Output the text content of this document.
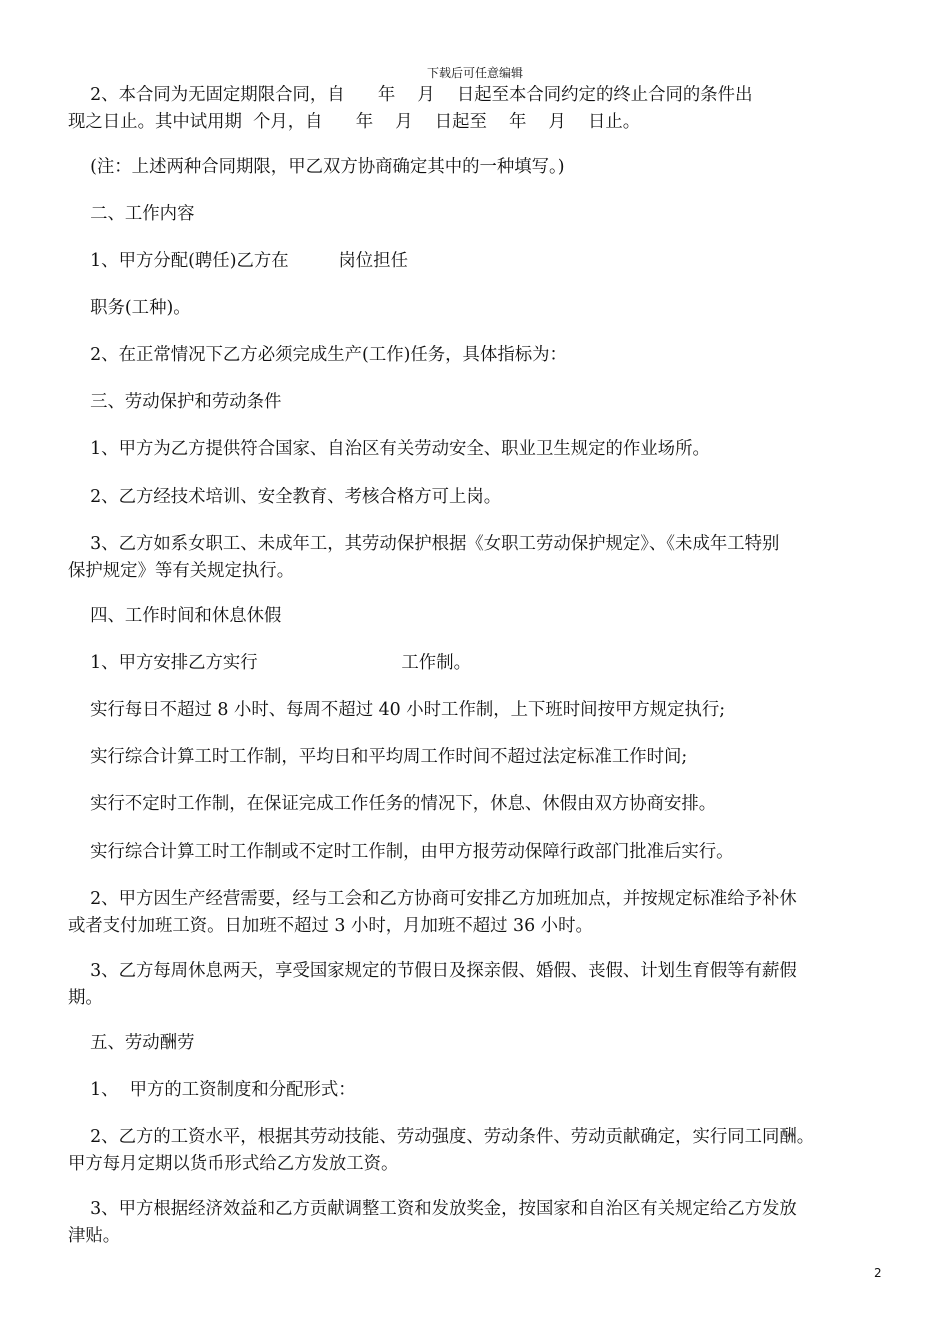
下载后可任意编辑

2、本合同为无固定期限合同，自      年    月    日起至本合同约定的终止合同的条件出
现之日止。其中试用期  个月，自      年    月    日起至    年    月    日止。

(注：上述两种合同期限，甲乙双方协商确定其中的一种填写。)

二、工作内容

1、甲方分配(聘任)乙方在         岗位担任

职务(工种)。

2、在正常情况下乙方必须完成生产(工作)任务，具体指标为：

三、劳动保护和劳动条件

1、甲方为乙方提供符合国家、自治区有关劳动安全、职业卫生规定的作业场所。

2、乙方经技术培训、安全教育、考核合格方可上岗。

3、乙方如系女职工、未成年工，其劳动保护根据《女职工劳动保护规定》、《未成年工特别
保护规定》等有关规定执行。

四、工作时间和休息休假

1、甲方安排乙方实行                          工作制。

实行每日不超过 8 小时、每周不超过 40 小时工作制，上下班时间按甲方规定执行;

实行综合计算工时工作制，平均日和平均周工作时间不超过法定标准工作时间;

实行不定时工作制，在保证完成工作任务的情况下，休息、休假由双方协商安排。

实行综合计算工时工作制或不定时工作制，由甲方报劳动保障行政部门批准后实行。

2、甲方因生产经营需要，经与工会和乙方协商可安排乙方加班加点，并按规定标准给予补休
或者支付加班工资。日加班不超过 3 小时，月加班不超过 36 小时。

3、乙方每周休息两天，享受国家规定的节假日及探亲假、婚假、丧假、计划生育假等有薪假
期。

五、劳动酬劳

1、  甲方的工资制度和分配形式：

2、乙方的工资水平，根据其劳动技能、劳动强度、劳动条件、劳动贡献确定，实行同工同酬。
甲方每月定期以货币形式给乙方发放工资。

3、甲方根据经济效益和乙方贡献调整工资和发放奖金，按国家和自治区有关规定给乙方发放
津贴。

2
